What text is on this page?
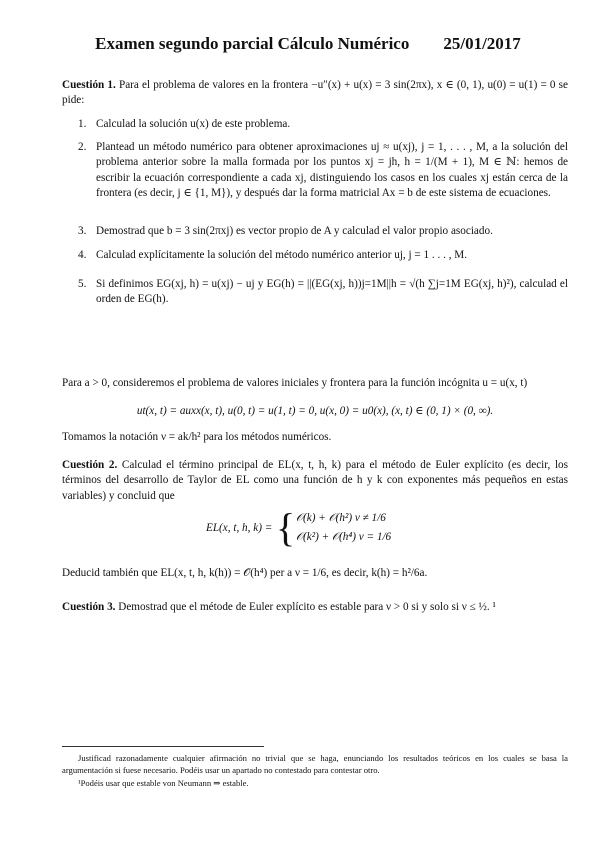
Examen segundo parcial Cálculo Numérico        25/01/2017
Cuestión 1. Para el problema de valores en la frontera −u″(x) + u(x) = 3 sin(2πx), x ∈ (0, 1), u(0) = u(1) = 0 se pide:
1. Calculad la solución u(x) de este problema.
2. Plantead un método numérico para obtener aproximaciones uj ≈ u(xj), j = 1, . . . , M, a la solución del problema anterior sobre la malla formada por los puntos xj = jh, h = 1/(M + 1), M ∈ ℕ: hemos de escribir la ecuación correspondiente a cada xj, distinguiendo los casos en los cuales xj están cerca de la frontera (es decir, j ∈ {1, M}), y después dar la forma matricial Ax = b de este sistema de ecuaciones.
3. Demostrad que b = 3 sin(2πxj) es vector propio de A y calculad el valor propio asociado.
4. Calculad explícitamente la solución del método numérico anterior uj, j = 1 . . . , M.
5. Si definimos EG(xj, h) = u(xj) − uj y EG(h) = ||(EG(xj, h))j=1M||h = √(h ∑j=1M EG(xj, h)²), calculad el orden de EG(h).
Para a > 0, consideremos el problema de valores iniciales y frontera para la función incógnita u = u(x, t)
ut(x, t) = auxx(x, t), u(0, t) = u(1, t) = 0, u(x, 0) = u0(x), (x, t) ∈ (0, 1) × (0, ∞).
Tomamos la notación ν = ak/h² para los métodos numéricos.
Cuestión 2. Calculad el término principal de EL(x, t, h, k) para el método de Euler explícito (es decir, los términos del desarrollo de Taylor de EL como una función de h y k con exponentes más pequeños en estas variables) y concluid que
EL(x, t, h, k) = { 𝒪(k) + 𝒪(h²) ν ≠ 1/6
𝒪(k²) + 𝒪(h⁴) ν = 1/6
Deducid también que EL(x, t, h, k(h)) = 𝒪(h⁴) per a ν = 1/6, es decir, k(h) = h²/6a.
Cuestión 3. Demostrad que el métode de Euler explícito es estable para ν > 0 si y solo si ν ≤ ½. ¹
Justificad razonadamente cualquier afirmación no trivial que se haga, enunciando los resultados teóricos en los cuales se basa la argumentación si fuese necesario. Podéis usar un apartado no contestado para contestar otro.
¹Podéis usar que estable von Neumann ⇒ estable.
